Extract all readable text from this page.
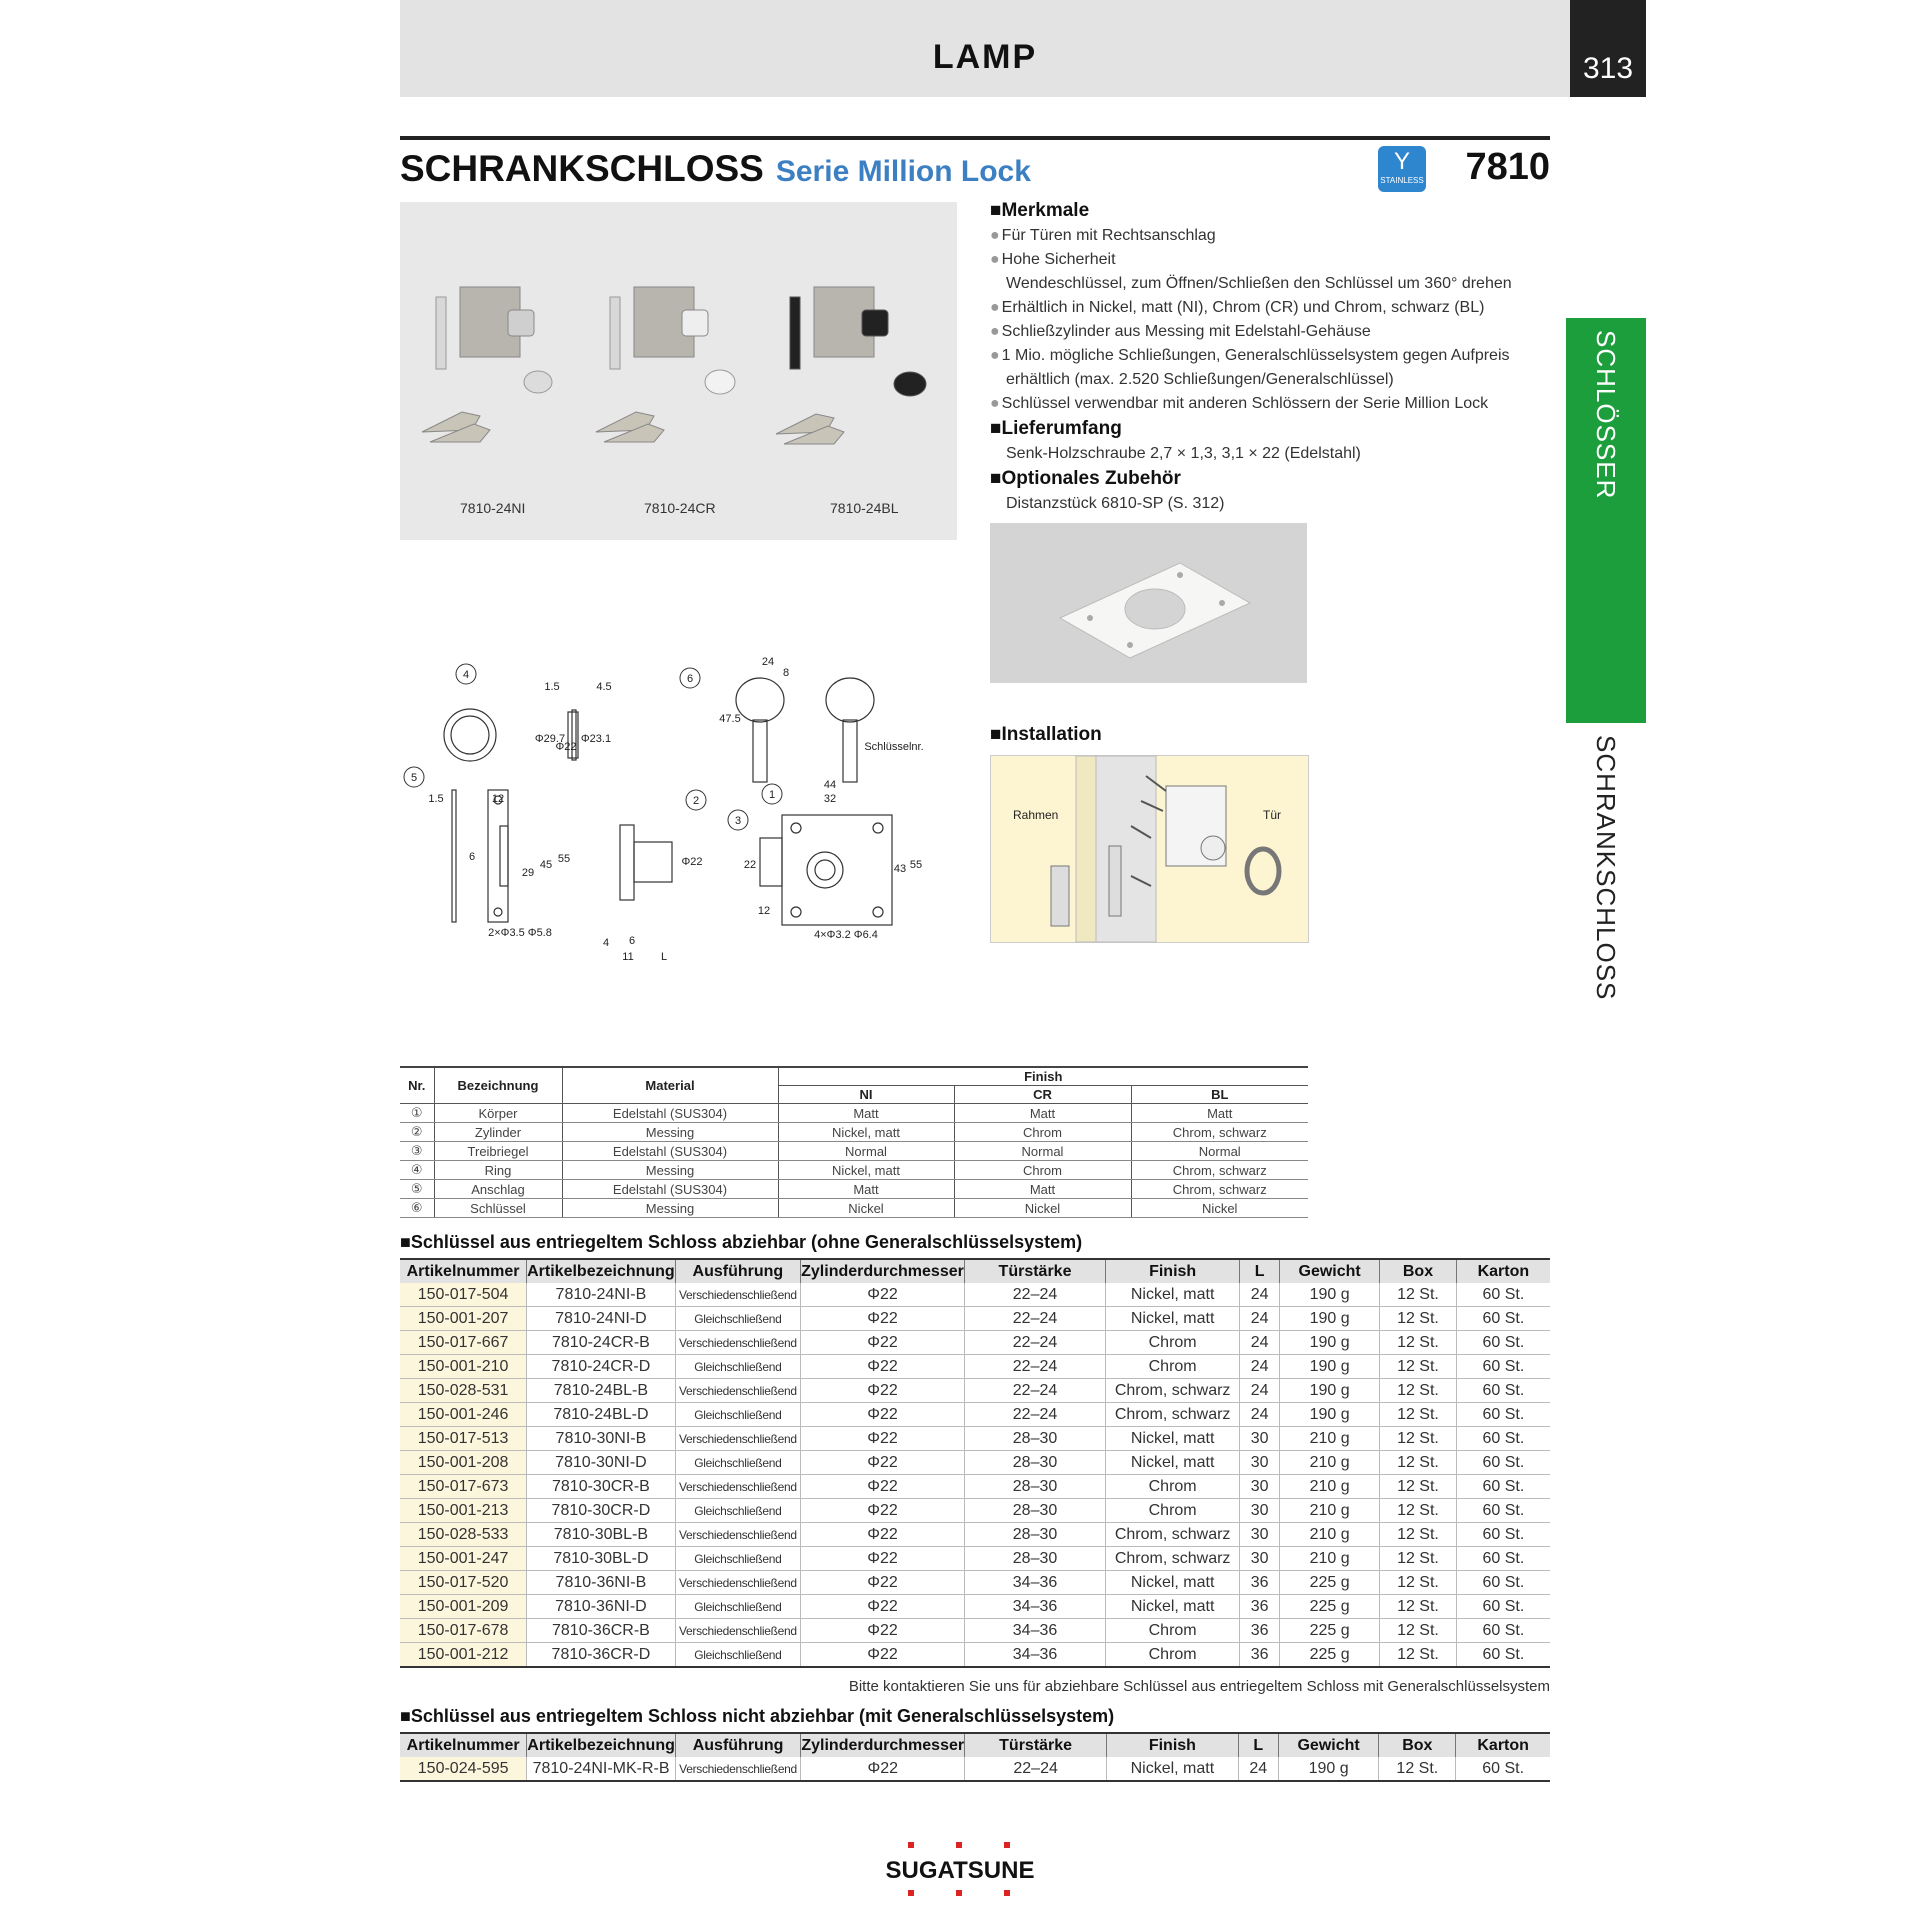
LAMP	313
SCHRANKSCHLOSS Serie Million Lock	Y
STAINLESS	7810
7810-24NI	7810-24CR	7810-24BL
■Merkmale
● Für Türen mit Rechtsanschlag
● Hohe Sicherheit
Wendeschlüssel, zum Öffnen/Schließen den Schlüssel um 360° drehen
● Erhältlich in Nickel, matt (NI), Chrom (CR) und Chrom, schwarz (BL)
● Schließzylinder aus Messing mit Edelstahl-Gehäuse
● 1 Mio. mögliche Schließungen, Generalschlüsselsystem gegen Aufpreis
erhältlich (max. 2.520 Schließungen/Generalschlüssel)
● Schlüssel verwendbar mit anderen Schlössern der Serie Million Lock
■Lieferumfang
Senk-Holzschraube 2,7 × 1,3, 3,1 × 22 (Edelstahl)
■Optionales Zubehör
Distanzstück 6810-SP (S. 312)
■Installation
Rahmen	Tür
4	6
5
2
3
1
1.5	4.5
24
8
47.5
Φ29.7
Φ22
Φ23.1
Schlüsselnr.
1.5	12
6
29
45 55
2×Φ3.5 Φ5.8
Φ22
4 6
11 L
44
32
22	43 55
12
4×Φ3.2 Φ6.4
SCHLÖSSER
SCHRANKSCHLOSS
Nr.	Bezeichnung	Material	Finish		
			NI	CR	BL
①	Körper	Edelstahl (SUS304)	Matt	Matt	Matt
②	Zylinder	Messing	Nickel, matt	Chrom	Chrom, schwarz
③	Treibriegel	Edelstahl (SUS304)	Normal	Normal	Normal
④	Ring	Messing	Nickel, matt	Chrom	Chrom, schwarz
⑤	Anschlag	Edelstahl (SUS304)	Matt	Matt	Chrom, schwarz
⑥	Schlüssel	Messing	Nickel	Nickel	Nickel
■Schlüssel aus entriegeltem Schloss abziehbar (ohne Generalschlüsselsystem)
Artikelnummer	Artikelbezeichnung	Ausführung	Zylinderdurchmesser	Türstärke	Finish	L	Gewicht	Box	Karton
150-017-504	7810-24NI-B	Verschiedenschließend	Φ22	22–24	Nickel, matt	24	190 g	12 St.	60 St.
150-001-207	7810-24NI-D	Gleichschließend	Φ22	22–24	Nickel, matt	24	190 g	12 St.	60 St.
150-017-667	7810-24CR-B	Verschiedenschließend	Φ22	22–24	Chrom	24	190 g	12 St.	60 St.
150-001-210	7810-24CR-D	Gleichschließend	Φ22	22–24	Chrom	24	190 g	12 St.	60 St.
150-028-531	7810-24BL-B	Verschiedenschließend	Φ22	22–24	Chrom, schwarz	24	190 g	12 St.	60 St.
150-001-246	7810-24BL-D	Gleichschließend	Φ22	22–24	Chrom, schwarz	24	190 g	12 St.	60 St.
150-017-513	7810-30NI-B	Verschiedenschließend	Φ22	28–30	Nickel, matt	30	210 g	12 St.	60 St.
150-001-208	7810-30NI-D	Gleichschließend	Φ22	28–30	Nickel, matt	30	210 g	12 St.	60 St.
150-017-673	7810-30CR-B	Verschiedenschließend	Φ22	28–30	Chrom	30	210 g	12 St.	60 St.
150-001-213	7810-30CR-D	Gleichschließend	Φ22	28–30	Chrom	30	210 g	12 St.	60 St.
150-028-533	7810-30BL-B	Verschiedenschließend	Φ22	28–30	Chrom, schwarz	30	210 g	12 St.	60 St.
150-001-247	7810-30BL-D	Gleichschließend	Φ22	28–30	Chrom, schwarz	30	210 g	12 St.	60 St.
150-017-520	7810-36NI-B	Verschiedenschließend	Φ22	34–36	Nickel, matt	36	225 g	12 St.	60 St.
150-001-209	7810-36NI-D	Gleichschließend	Φ22	34–36	Nickel, matt	36	225 g	12 St.	60 St.
150-017-678	7810-36CR-B	Verschiedenschließend	Φ22	34–36	Chrom	36	225 g	12 St.	60 St.
150-001-212	7810-36CR-D	Gleichschließend	Φ22	34–36	Chrom	36	225 g	12 St.	60 St.
Bitte kontaktieren Sie uns für abziehbare Schlüssel aus entriegeltem Schloss mit Generalschlüsselsystem
■Schlüssel aus entriegeltem Schloss nicht abziehbar (mit Generalschlüsselsystem)
Artikelnummer	Artikelbezeichnung	Ausführung	Zylinderdurchmesser	Türstärke	Finish	L	Gewicht	Box	Karton
150-024-595	7810-24NI-MK-R-B	Verschiedenschließend	Φ22	22–24	Nickel, matt	24	190 g	12 St.	60 St.
SUGATSUNE
